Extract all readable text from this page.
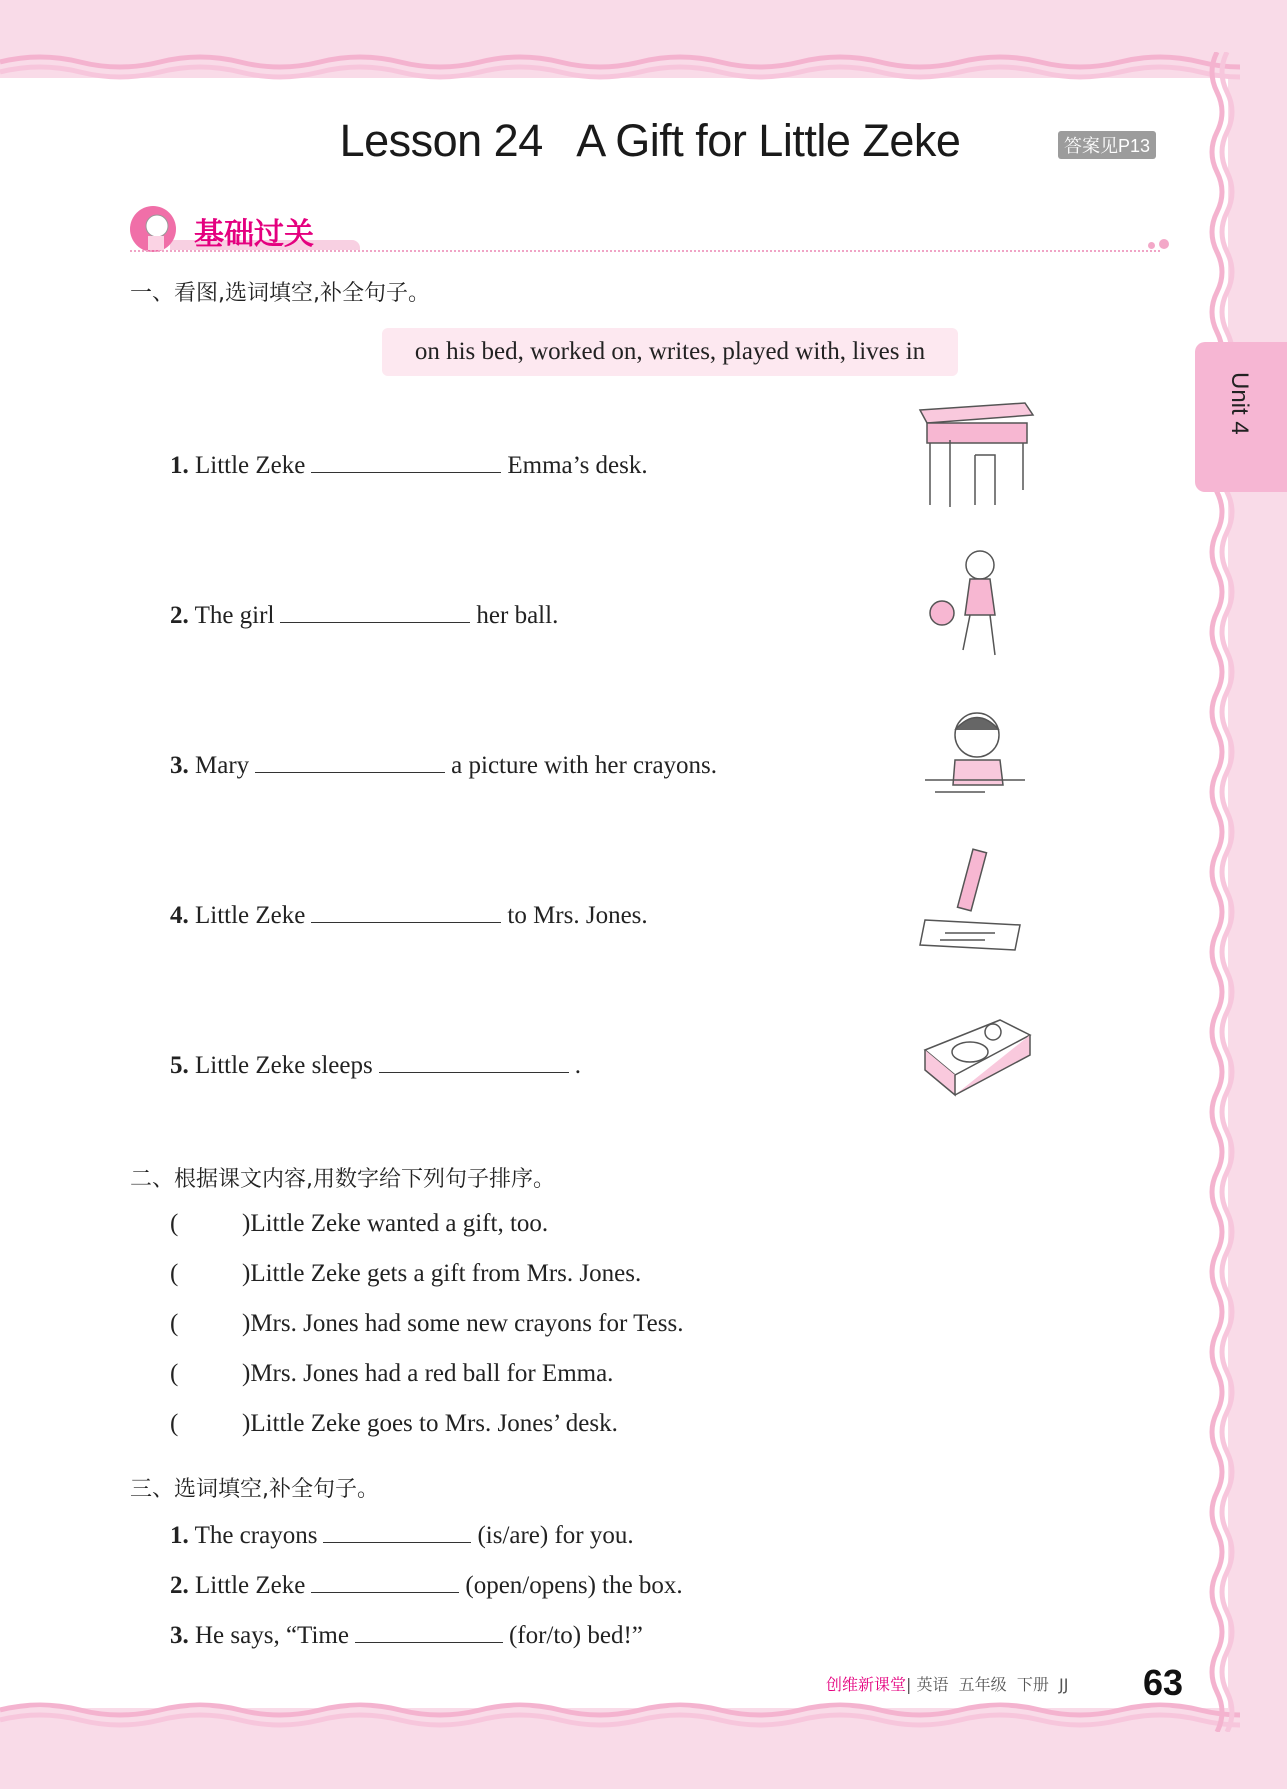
Lesson 24   A Gift for Little Zeke	答案见P13
基础过关

Unit 4
一、看图,选词填空,补全句子。
on his bed, worked on, writes, played with, lives in
1. Little Zeke	Emma’s desk.
2. The girl	her ball.
3. Mary	a picture with her crayons.
4. Little Zeke	to Mrs. Jones.
5. Little Zeke sleeps	.
二、根据课文内容,用数字给下列句子排序。
(	)Little Zeke wanted a gift, too.
(	)Little Zeke gets a gift from Mrs. Jones.
(	)Mrs. Jones had some new crayons for Tess.
(	)Mrs. Jones had a red ball for Emma.
(	)Little Zeke goes to Mrs. Jones’ desk.
三、选词填空,补全句子。
1. The crayons	(is/are) for you.
2. Little Zeke	(open/opens) the box.
3. He says, “Time	(for/to) bed!”
创维新课堂| 英语  五年级  下册  JJ 63
